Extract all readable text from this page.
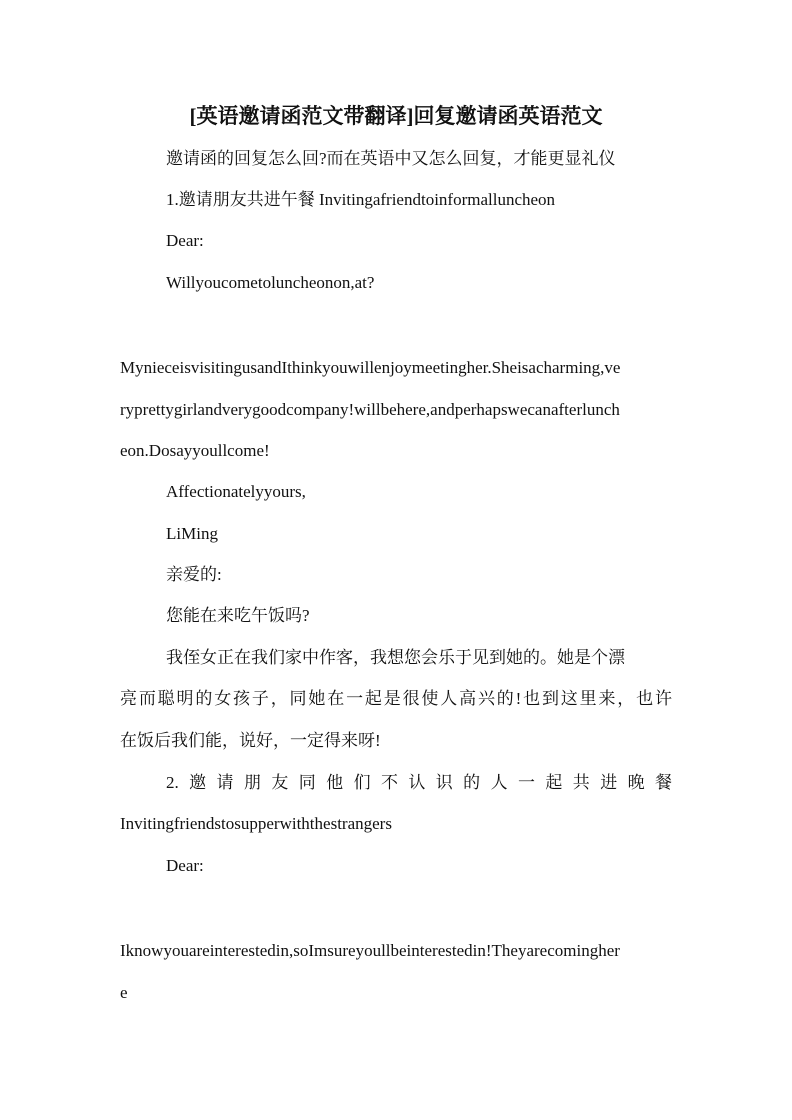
[英语邀请函范文带翻译]回复邀请函英语范文
邀请函的回复怎么回?而在英语中又怎么回复，才能更显礼仪
1.邀请朋友共进午餐 Invitingafriendtoinformalluncheon
Dear:
Willyoucometoluncheonon,at?
MynieceisvisitingusandIthinkyouwillenjoymeetingher.Sheisacharming,ve
ryprettygirlandverygoodcompany!willbehere,andperhapswecanafterlunch
eon.Dosayyoullcome!
Affectionatelyyours,
LiMing
亲爱的:
您能在来吃午饭吗?
我侄女正在我们家中作客，我想您会乐于见到她的。她是个漂
亮而聪明的女孩子，同她在一起是很使人高兴的!也到这里来，也许
在饭后我们能，说好，一定得来呀!
2.邀请朋友同他们不认识的人一起共进晚餐
Invitingfriendstosupperwiththestrangers
Dear:
Iknowyouareinterestedin,soImsureyoullbeinterestedin!Theyarecomingher
e
